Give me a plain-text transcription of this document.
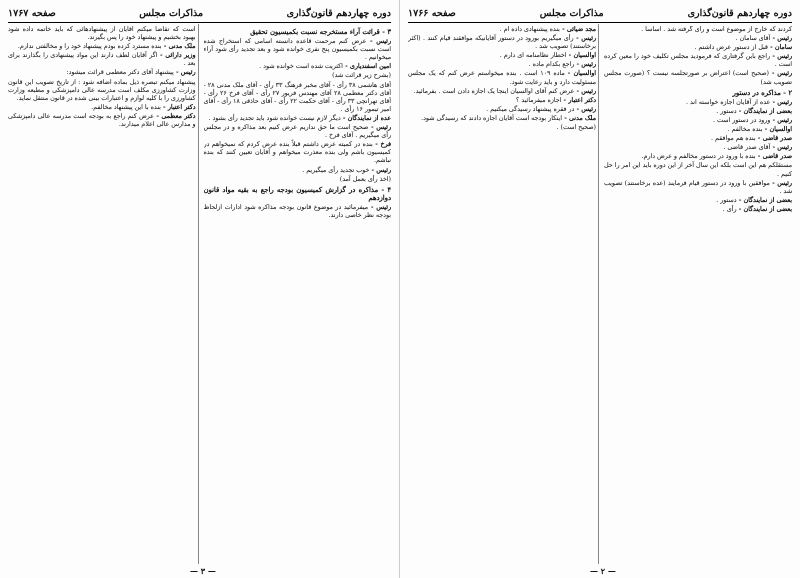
دوره چهاردهم قانون‌گذاری
مذاکرات مجلس
صفحه ۱۷۶۷
۳ - قرائت آراء مستخرجه نسبت بکمیسیون تحقیق

رئیس - عرض کنم مرحمت قاعده دانسته اسامی که استخراج شده است نسبت بکمیسیون پنج نفری خوانده شود و بعد تجدید رأی شود آراء میخوانیم .

امین اسفندیاری - اکثریت شده است خوانده شود .

(بشرح زیر قرائت شد)

آقای هاشمی ۳۸ رأی - آقای مخبر فرهنگ ۳۳ رأی - آقای ملک مدنی ۲۸ - آقای دکتر معظمی ۲۸ آقای مهندس فریور ۲۷ رأی - آقای فرخ ۲۶ رأی - آقای تهرانچی ۳۳ رأی - آقای حکمت ۲۲ رأی - آقای حاذقی ۱۸ رأی - آقای امیر تیمور ۱۶ رأی .

عده از نمایندگان - دیگر لازم نیست خوانده شود باید تجدید رأی بشود .

رئیس - صحیح است ما حق نداریم عرض کنیم بعد مذاکره و در مجلس رأی میگیریم . آقای فرخ .

فرخ - بنده در کمیته عرض داشتم قبلاً بنده عرض کردم که نمیخواهم در کمیسیون باشم ولی بنده معذرت میخواهم و آقایان تعیین کنند که بنده نباشم.

رئیس - خوب تجدید رأی میگیریم .

(اخذ رأی بعمل آمد)

۴ - مذاکره در گزارش کمیسیون بودجه راجع به بقیه مواد قانون دوازدهم

رئیس - میفرمائید در موضوع قانون بودجه مذاکره شود ادارات ازلحاظ بودجه نظر خاصی دارند.

است که تقاضا میکنم آقایان از پیشنهادهائی که باید خاتمه داده شود بهبود بخشیم و پیشنهاد خود را پس بگیرند.

ملک مدنی - بنده مسترد کرده بودم پیشنهاد خود را و مخالفتی ندارم.

وزیر دارائی - اگر آقایان لطف دارند این مواد پیشنهادی را بگذارند برای بعد .

رئیس - پیشنهاد آقای دکتر معظمی قرائت میشود:

پیشنهاد میکنم تبصره ذیل بماده اضافه شود : از تاریخ تصویب این قانون وزارت کشاورزی مکلف است مدرسه عالی دامپزشکی و مطبعه وزارت کشاورزی را با کلیه لوازم و اعتبارات بینی شده در قانون منتقل نماید.

دکتر اعتبار - بنده با این پیشنهاد مخالفم.

دکتر معظمی - عرض کنم راجع به بودجه است مدرسه عالی دامپزشکی و مدارس عالی اعلام میدارند.

— ۳ —
دوره چهاردهم قانون‌گذاری
مذاکرات مجلس
صفحه ۱۷۶۶

کردند که خارج از موضوع است و رأی گرفته شد . اساساً .

رئیس - آقای سامان .

سامان - قبل از دستور عرض داشتم .

رئیس - راجع باین گرفتاری که فرمودید مجلس تکلیف خود را معین کرده است .

رئیس - (صحیح است) اعتراض بر صورتجلسه نیست ؟ (صورت مجلس تصویب شد)

۲ - مذاکره در دستور

رئیس - عده از آقایان اجازه خواسته اند .

بعضی از نمایندگان - دستور .

رئیس - ورود در دستور است .

اوالسیان - بنده مخالفم .

صدر قاضی - بنده هم موافقم .

رئیس - آقای صدر قاضی .

صدر قاضی - بنده با ورود در دستور مخالفم و عرض دارم.

مستقلکم هم این است بلکه این سال آخر از این دوره باید این امر را حل کنیم .

رئیس - موافقین با ورود در دستور قیام فرمایند (عده برخاستند) تصویب شد .

بعضی از نمایندگان - دستور .

بعضی از نمایندگان - رأی .

مجد ضیائی - بنده پیشنهادی داده ام .

رئیس - رأی میگیریم بورود در دستور آقایانیکه موافقند قیام کنند . (اکثر برخاستند) تصویب شد .

اوالسیان - اخطار نظامنامه ای دارم .

رئیس - راجع بکدام ماده .

اوالسیان - ماده ۱۰۹ است . بنده میخواستم عرض کنم که یک مجلس مسئولیت دارد و باید رعایت شود.

رئیس - عرض کنم آقای اوالسیان اینجا یک اجازه دادن است . بفرمائید.

دکتر اعتبار - اجازه میفرمائید ؟

رئیس - در فقره پیشنهاد رسیدگی میکنیم .

ملک مدنی - اینکار بودجه است آقایان اجازه دادند که رسیدگی شود.

(صحیح است) .

— ۲ —
